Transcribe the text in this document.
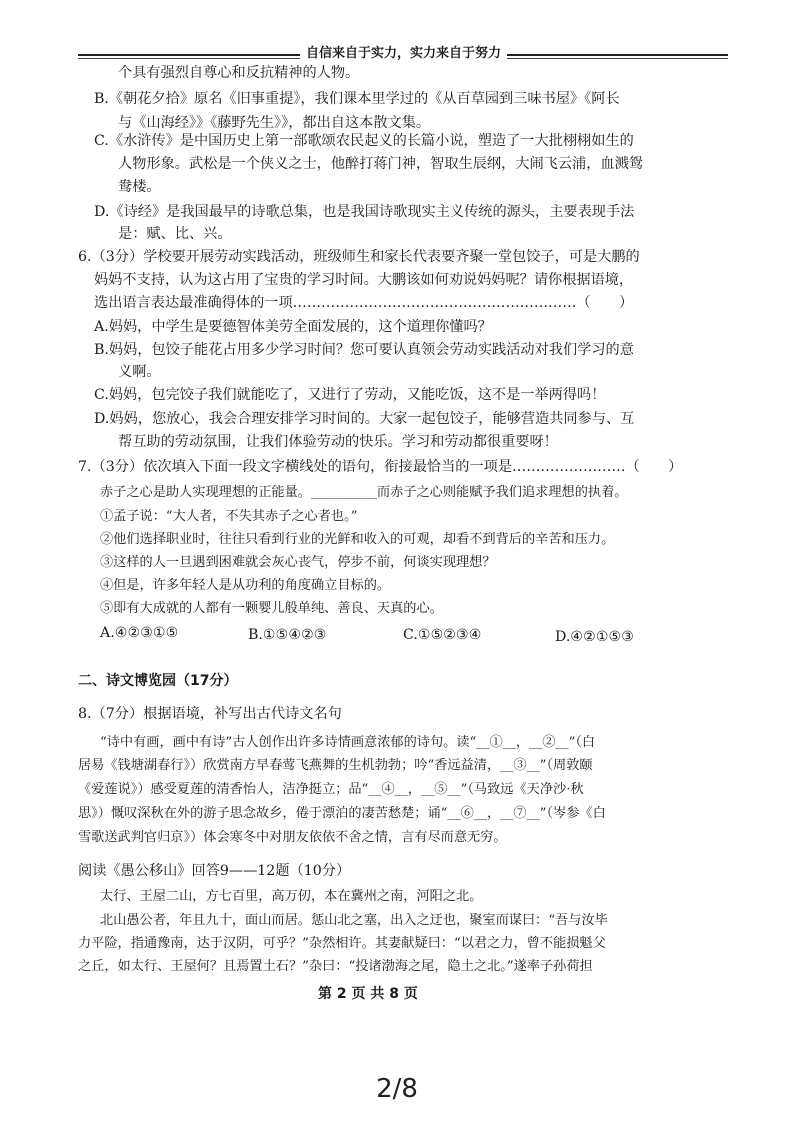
自信来自于实力，实力来自于努力
个具有强烈自尊心和反抗精神的人物。
B.《朝花夕拾》原名《旧事重提》，我们课本里学过的《从百草园到三味书屋》《阿长
与《山海经》》《藤野先生》》，都出自这本散文集。
C.《水浒传》是中国历史上第一部歌颂农民起义的长篇小说，塑造了一大批栩栩如生的
人物形象。武松是一个侠义之士，他醉打蒋门神，智取生辰纲，大闹飞云浦，血溅鸳
鸯楼。
D.《诗经》是我国最早的诗歌总集，也是我国诗歌现实主义传统的源头，主要表现手法
是：赋、比、兴。
6.（3分）学校要开展劳动实践活动，班级师生和家长代表要齐聚一堂包饺子，可是大鹏的
妈妈不支持，认为这占用了宝贵的学习时间。大鹏该如何劝说妈妈呢？请你根据语境，
选出语言表达最准确得体的一项……………………………………………………（　　）
A.妈妈，中学生是要德智体美劳全面发展的，这个道理你懂吗？
B.妈妈，包饺子能花占用多少学习时间？您可要认真领会劳动实践活动对我们学习的意
义啊。
C.妈妈，包完饺子我们就能吃了，又进行了劳动，又能吃饭，这不是一举两得吗！
D.妈妈，您放心，我会合理安排学习时间的。大家一起包饺子，能够营造共同参与、互
帮互助的劳动氛围，让我们体验劳动的快乐。学习和劳动都很重要呀！
7.（3分）依次填入下面一段文字横线处的语句，衔接最恰当的一项是……………………（　　）
赤子之心是助人实现理想的正能量。__________而赤子之心则能赋予我们追求理想的执着。
①孟子说：“大人者，不失其赤子之心者也。”
②他们选择职业时，往往只看到行业的光鲜和收入的可观，却看不到背后的辛苦和压力。
③这样的人一旦遇到困难就会灰心丧气，停步不前，何谈实现理想？
④但是，许多年轻人是从功利的角度确立目标的。
⑤即有大成就的人都有一颗婴儿般单纯、善良、天真的心。
A.④②③①⑤	B.①⑤④②③	C.①⑤②③④	D.④②①⑤③
二、诗文博览园（17分）
8.（7分）根据语境，补写出古代诗文名句
“诗中有画，画中有诗”古人创作出许多诗情画意浓郁的诗句。读“__①__，__②__”（白
居易《钱塘湖春行》）欣赏南方早春莺飞燕舞的生机勃勃；吟“香远益清，__③__”（周敦颐
《爱莲说》）感受夏莲的清香怡人，洁净挺立；品“__④__，__⑤__”（马致远《天净沙·秋
思》）慨叹深秋在外的游子思念故乡，倦于漂泊的凄苦愁楚；诵“__⑥__，__⑦__”（岑参《白
雪歌送武判官归京》）体会寒冬中对朋友依依不舍之情，言有尽而意无穷。
阅读《愚公移山》回答9——12题（10分）
太行、王屋二山，方七百里，高万仞，本在冀州之南，河阳之北。
北山愚公者，年且九十，面山而居。惩山北之塞，出入之迂也，聚室而谋曰：“吾与汝毕
力平险，指通豫南，达于汉阴，可乎？”杂然相许。其妻献疑曰：“以君之力，曾不能损魁父
之丘，如太行、王屋何？且焉置土石？”杂曰：“投诸渤海之尾，隐土之北。”遂率子孙荷担
第 2 页 共 8 页
2/8
